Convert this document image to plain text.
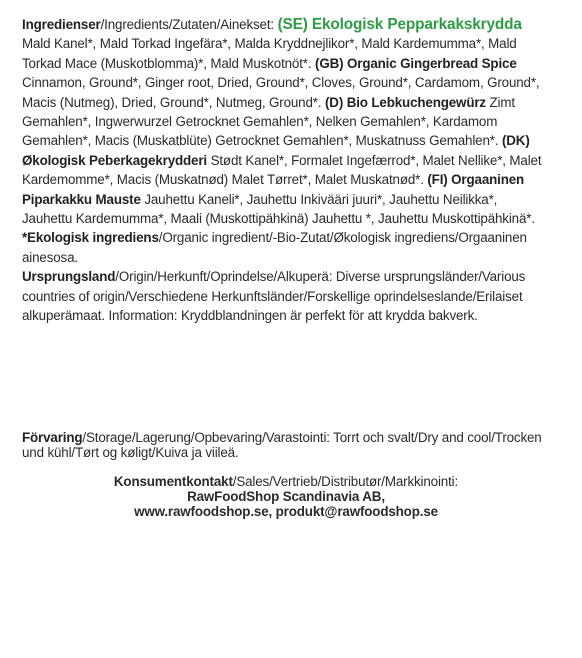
Ingredienser/Ingredients/Zutaten/Ainekset: (SE) Ekologisk Pepparkakskrydda Mald Kanel*, Mald Torkad Ingefära*, Malda Kryddnejlikor*, Mald Kardemumma*, Mald Torkad Mace (Muskotblomma)*, Mald Muskotnöt*. (GB) Organic Gingerbread Spice Cinnamon, Ground*, Ginger root, Dried, Ground*, Cloves, Ground*, Cardamom, Ground*, Macis (Nutmeg), Dried, Ground*, Nutmeg, Ground*. (D) Bio Lebkuchengewürz Zimt Gemahlen*, Ingwerwurzel Getrocknet Gemahlen*, Nelken Gemahlen*, Kardamom Gemahlen*, Macis (Muskatblüte) Getrocknet Gemahlen*, Muskatnuss Gemahlen*. (DK) Økologisk Peberkagekrydderi Stødt Kanel*, Formalet Ingefærrod*, Malet Nellike*, Malet Kardemomme*, Macis (Muskatnød) Malet Tørret*, Malet Muskatnød*. (FI) Orgaaninen Piparkakku Mauste Jauhettu Kaneli*, Jauhettu Inkivääri juuri*, Jauhettu Neilikka*, Jauhettu Kardemumma*, Maali (Muskottipähkinä) Jauhettu *, Jauhettu Muskottipähkinä*. *Ekologisk ingrediens/Organic ingredient/-Bio-Zutat/Økologisk ingrediens/Orgaaninen ainesosa.
Ursprungsland/Origin/Herkunft/Oprindelse/Alkuperä: Diverse ursprungsländer/Various countries of origin/Verschiedene Herkunftsländer/Forskellige oprindelseslande/Erilaiset alkuperämaat. Information: Kryddblandningen är perfekt för att krydda bakverk.
Förvaring/Storage/Lagerung/Opbevaring/Varastointi: Torrt och svalt/Dry and cool/Trocken und kühl/Tørt og køligt/Kuiva ja viileä.
Konsumentkontakt/Sales/Vertrieb/Distributør/Markkinointi:
RawFoodShop Scandinavia AB,
www.rawfoodshop.se, produkt@rawfoodshop.se
